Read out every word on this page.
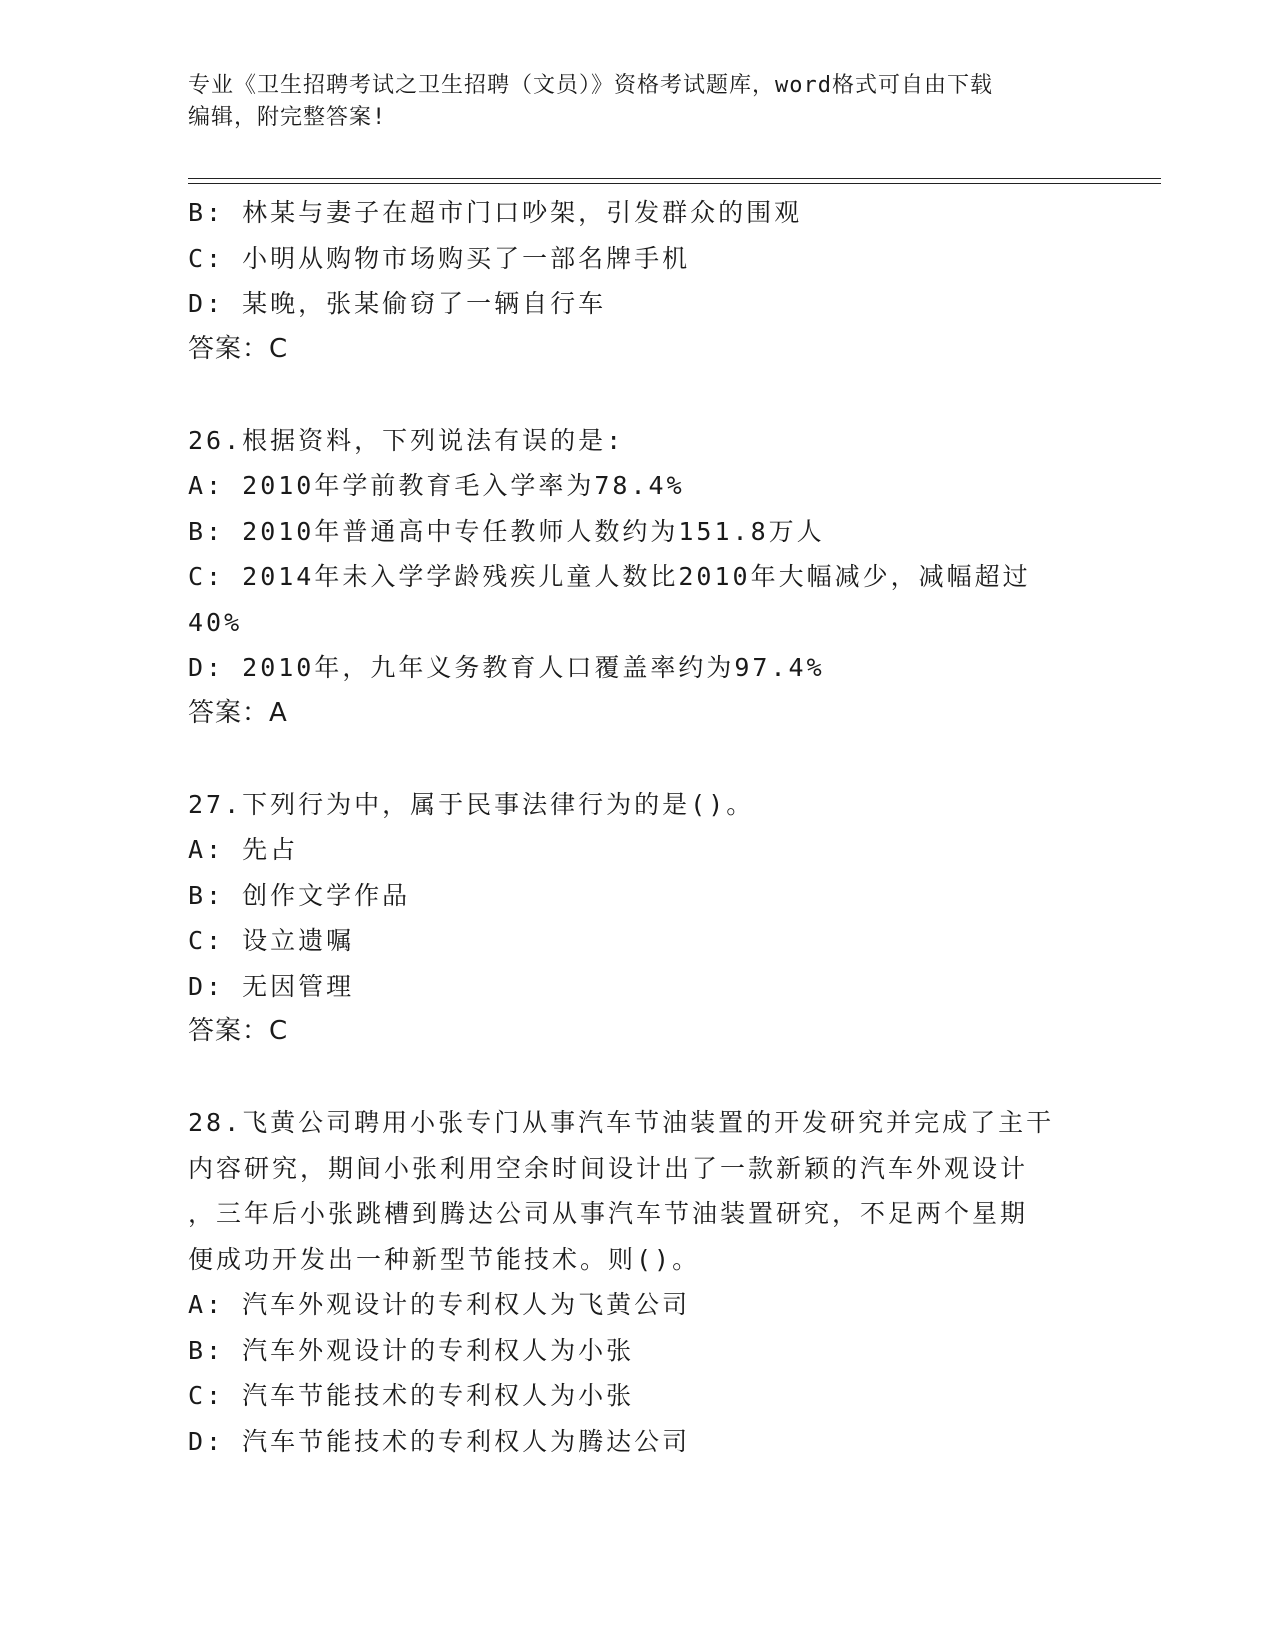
专业《卫生招聘考试之卫生招聘（文员）》资格考试题库，word格式可自由下载
编辑，附完整答案!
B: 林某与妻子在超市门口吵架，引发群众的围观
C: 小明从购物市场购买了一部名牌手机
D: 某晚，张某偷窃了一辆自行车
答案：C
26.根据资料，下列说法有误的是:
A: 2010年学前教育毛入学率为78.4%
B: 2010年普通高中专任教师人数约为151.8万人
C: 2014年未入学学龄残疾儿童人数比2010年大幅减少，减幅超过
40%
D: 2010年，九年义务教育人口覆盖率约为97.4%
答案：A
27.下列行为中，属于民事法律行为的是()。
A: 先占
B: 创作文学作品
C: 设立遗嘱
D: 无因管理
答案：C
28.飞黄公司聘用小张专门从事汽车节油装置的开发研究并完成了主干
内容研究，期间小张利用空余时间设计出了一款新颖的汽车外观设计
，三年后小张跳槽到腾达公司从事汽车节油装置研究，不足两个星期
便成功开发出一种新型节能技术。则()。
A: 汽车外观设计的专利权人为飞黄公司
B: 汽车外观设计的专利权人为小张
C: 汽车节能技术的专利权人为小张
D: 汽车节能技术的专利权人为腾达公司
